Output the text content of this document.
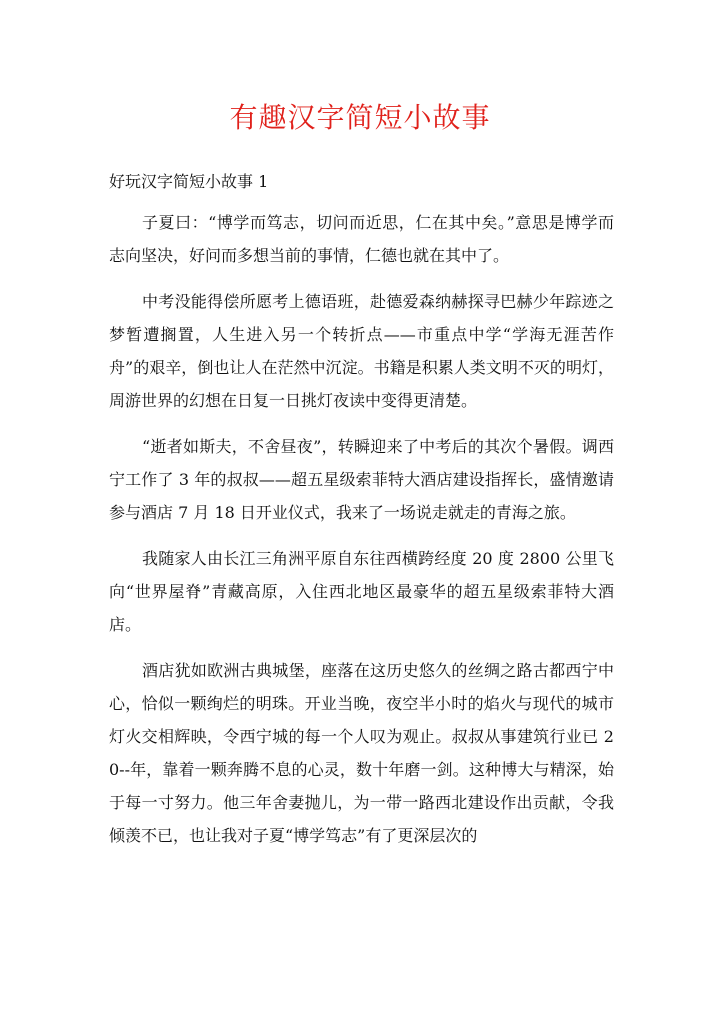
有趣汉字简短小故事
好玩汉字简短小故事 1

子夏曰：“博学而笃志，切问而近思，仁在其中矣。”意思是博学而志向坚决，好问而多想当前的事情，仁德也就在其中了。

中考没能得偿所愿考上德语班，赴德爱森纳赫探寻巴赫少年踪迹之梦暂遭搁置，人生进入另一个转折点——市重点中学“学海无涯苦作舟”的艰辛，倒也让人在茫然中沉淀。书籍是积累人类文明不灭的明灯，周游世界的幻想在日复一日挑灯夜读中变得更清楚。

“逝者如斯夫，不舍昼夜”，转瞬迎来了中考后的其次个暑假。调西宁工作了 3 年的叔叔——超五星级索菲特大酒店建设指挥长，盛情邀请参与酒店 7 月 18 日开业仪式，我来了一场说走就走的青海之旅。

我随家人由长江三角洲平原自东往西横跨经度 20 度 2800 公里飞向“世界屋脊”青藏高原，入住西北地区最豪华的超五星级索菲特大酒店。

酒店犹如欧洲古典城堡，座落在这历史悠久的丝绸之路古都西宁中心，恰似一颗绚烂的明珠。开业当晚，夜空半小时的焰火与现代的城市灯火交相辉映，令西宁城的每一个人叹为观止。叔叔从事建筑行业已 20--年，靠着一颗奔腾不息的心灵，数十年磨一剑。这种博大与精深，始于每一寸努力。他三年舍妻抛儿，为一带一路西北建设作出贡献，令我倾羡不已，也让我对子夏“博学笃志”有了更深层次的
